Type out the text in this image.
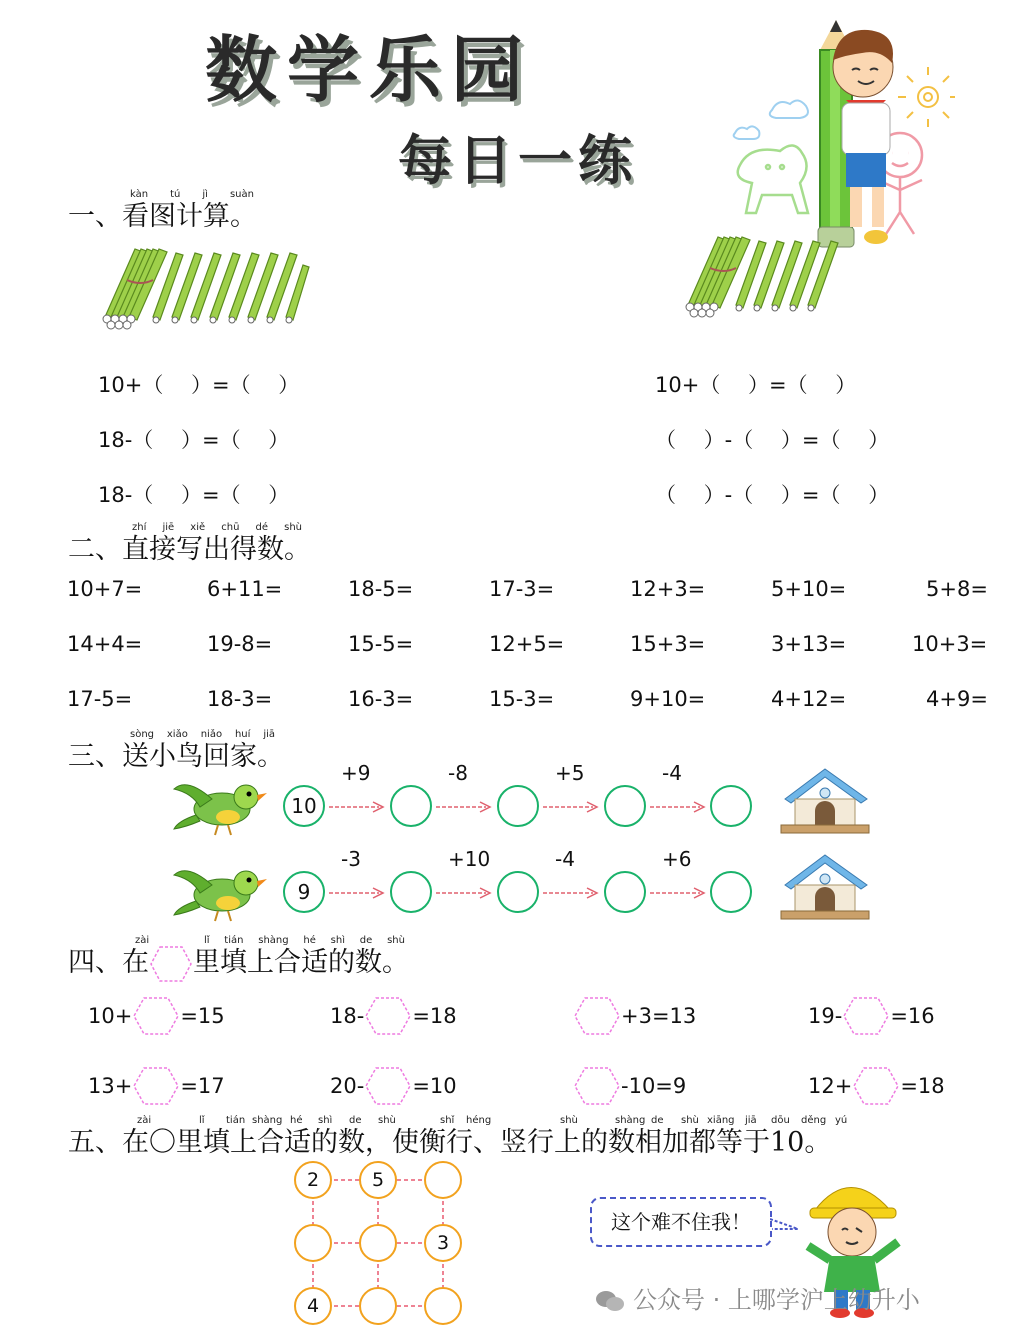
数学乐园
每日一练
kàn tú jì suàn
一、看图计算。
10+（　 ）=（　 ）
18-（　 ）=（　 ）
18-（　 ）=（　 ）
10+（　 ）=（　 ）
（　 ）-（　 ）=（　 ）
（　 ）-（　 ）=（　 ）
zhí jiē xiě chū dé shù
二、直接写出得数。
10+7=	6+11=	18-5=	17-3=	12+3=	5+10=	5+8=
14+4=	19-8=	15-5=	12+5=	15+3=	3+13=	10+3=
17-5=	18-3=	16-3=	15-3=	9+10=	4+12=	4+9=
sòng xiǎo niǎo huí jiā
三、送小鸟回家。
10
+9	-8	+5	-4
9
-3	+10	-4	+6
zài	lǐ tián shàng hé shì de shù
四、在 里填上合适的数。
10+ =15	18- =18	+3=13	19- =16
13+ =17	20- =10	-10=9	12+ =18
五、在〇里填上合适的数，使衡行、竖行上的数相加都等于10。
zài	lǐ tián shàng hé shì de shù	shǐ héng	shù	shàng de shù xiāng jiā dōu děng yú
2	5
3
4
这个难不住我！
公众号 · 上哪学沪上幼升小
